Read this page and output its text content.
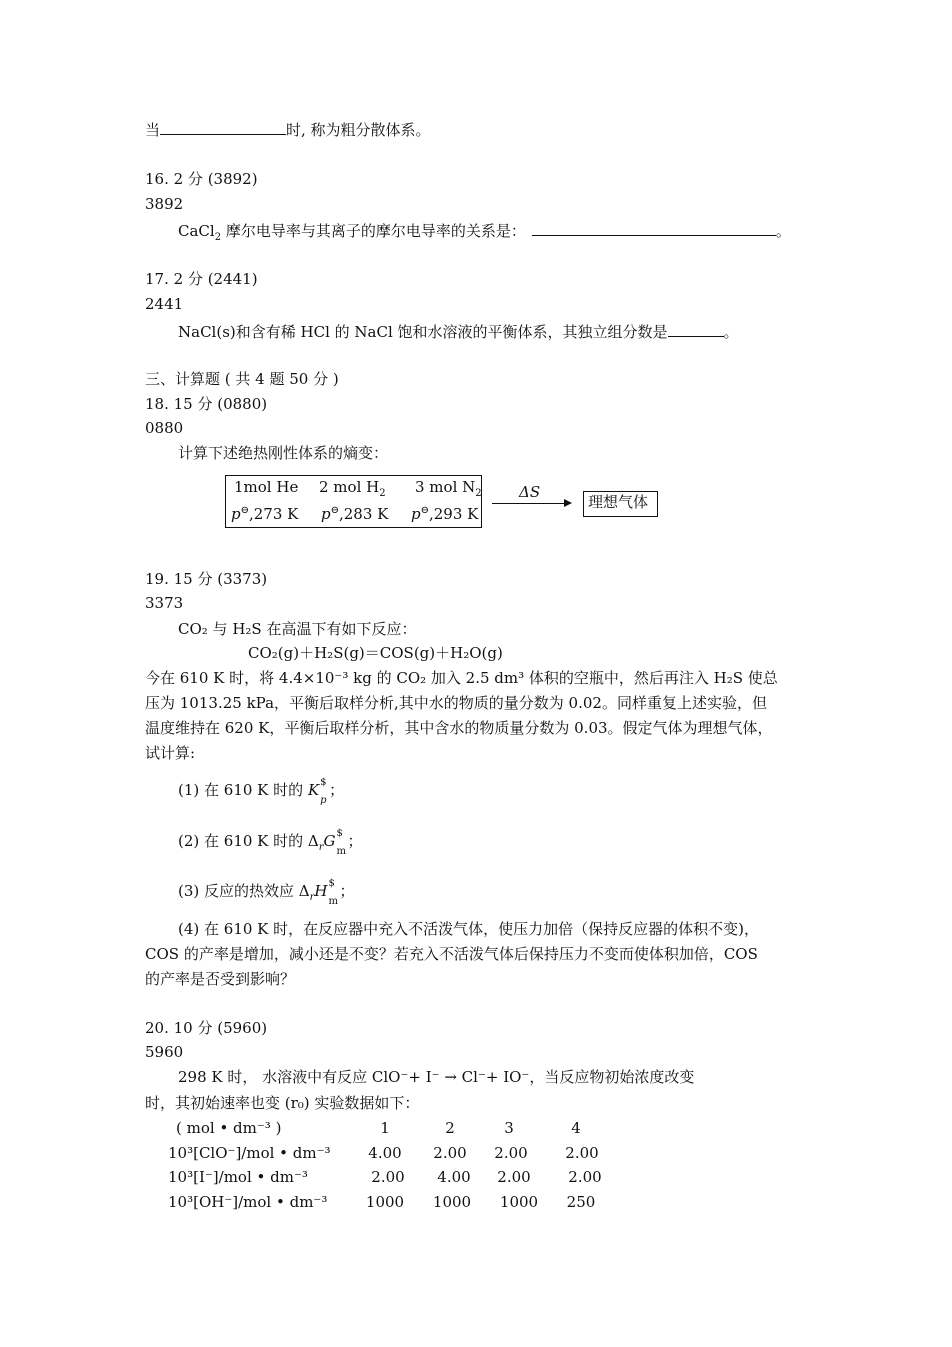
当	时, 称为粗分散体系。
16. 2 分 (3892)
3892
CaCl$_2$ 摩尔电导率与其离子的摩尔电导率的关系是：	。
17. 2 分 (2441)
2441
NaCl(s)和含有稀 HCl 的 NaCl 饱和水溶液的平衡体系，其独立组分数是	。
三、计算题 ( 共 4 题 50 分 )
18. 15 分 (0880)
0880
计算下述绝热刚性体系的熵变：
1mol He 2 mol $H_2$ 3 mol $N_2$
p⊖,273 K p⊖,283 K p⊖,293 K
ΔS
理想气体
19. 15 分 (3373)
3373
CO₂ 与 H₂S 在高温下有如下反应：
CO₂(g)＋H₂S(g)＝COS(g)＋H₂O(g)
今在 610 K 时，将 4.4×10⁻³ kg 的 CO₂ 加入 2.5 dm³ 体积的空瓶中，然后再注入 H₂S 使总
压为 1013.25 kPa，平衡后取样分析,其中水的物质的量分数为 0.02。同样重复上述实验，但
温度维持在 620 K，平衡后取样分析，其中含水的物质量分数为 0.03。假定气体为理想气体，
试计算:
(1) 在 610 K 时的 K $
p
；
(2) 在 610 K 时的 $\Delta_rG$ $
m
；
(3) 反应的热效应 $\Delta_rH$ $
m
；
(4) 在 610 K 时，在反应器中充入不活泼气体，使压力加倍（保持反应器的体积不变)，
COS 的产率是增加，减小还是不变？若充入不活泼气体后保持压力不变而使体积加倍，COS
的产率是否受到影响？
20. 10 分 (5960)
5960
298 K 时， 水溶液中有反应 ClO⁻+ I⁻ → Cl⁻+ IO⁻，当反应物初始浓度改变
时，其初始速率也变 (r₀) 实验数据如下：
( mol • dm⁻³ )	1	2	3	4
10³[ClO⁻]/mol • dm⁻³	4.00	2.00	2.00	2.00
10³[I⁻]/mol • dm⁻³	2.00	4.00	2.00	2.00
10³[OH⁻]/mol • dm⁻³	1000	1000	1000	250
